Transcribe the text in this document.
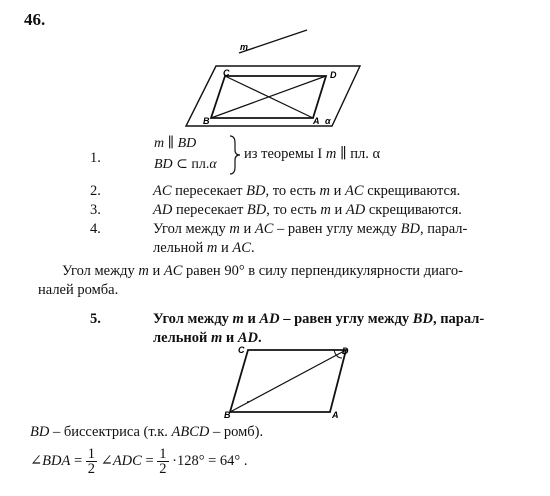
46.
m
C	D
B	A α
1.
m ∥ BD
BD ⊂ пл.α
из теоремы I m ∥ пл. α
2.	AC пересекает BD, то есть m и AC скрещиваются.
3.	AD пересекает BD, то есть m и AD скрещиваются.
4.	Угол между m и AC – равен углу между BD, парал-
лельной m и AC.
Угол между m и AC равен 90° в силу перпендикулярности диаго-
налей ромба.
5.	Угол между m и AD – равен углу между BD, парал-
лельной m и AD.
C	D
B	A
BD – биссектриса (т.к. ABCD – ромб).
∠BDA = $\frac{1}{2}$ ∠ADC = $\frac{1}{2} \cdot 128^\circ = 64^\circ$ .
